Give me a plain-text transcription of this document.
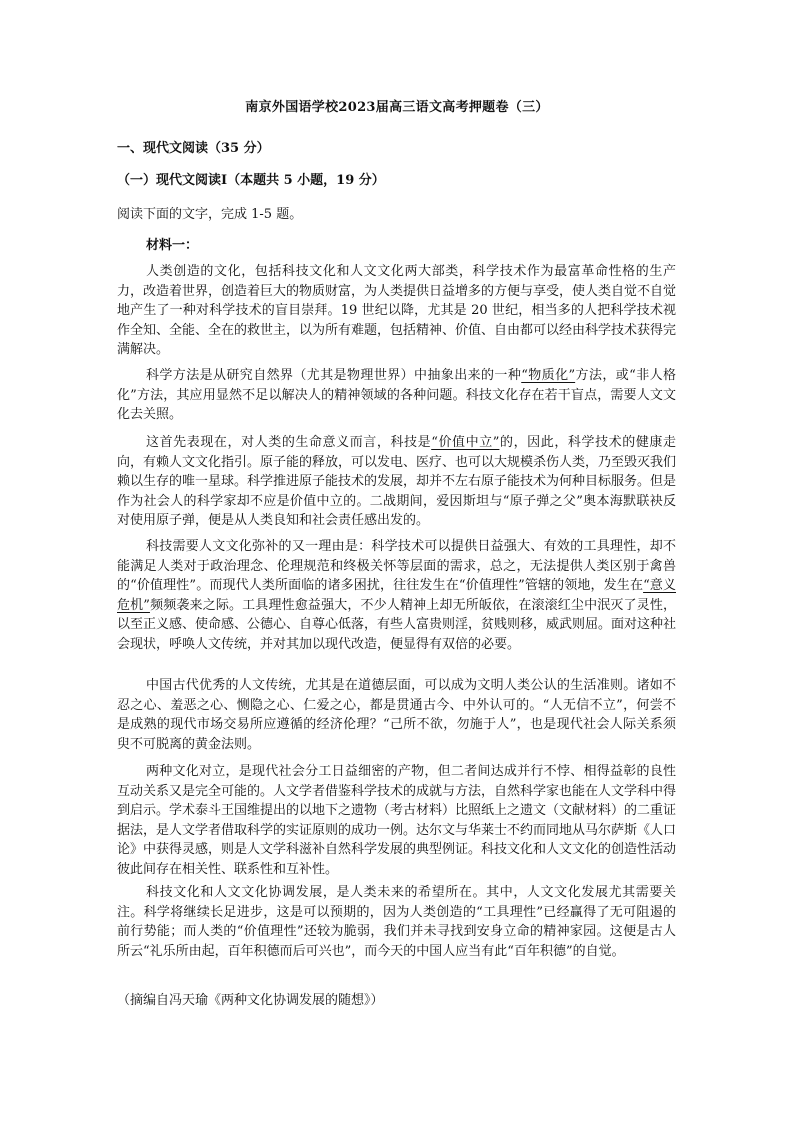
南京外国语学校2023届高三语文高考押题卷（三）
一、现代文阅读（35 分）
（一）现代文阅读Ⅰ（本题共 5 小题，19 分）
阅读下面的文字，完成 1-5 题。
材料一：

人类创造的文化，包括科技文化和人文文化两大部类，科学技术作为最富革命性格的生产力，改造着世界，创造着巨大的物质财富，为人类提供日益增多的方便与享受，使人类自觉不自觉地产生了一种对科学技术的盲目崇拜。19 世纪以降，尤其是 20 世纪，相当多的人把科学技术视作全知、全能、全在的救世主，以为所有难题，包括精神、价值、自由都可以经由科学技术获得完满解决。

科学方法是从研究自然界（尤其是物理世界）中抽象出来的一种“物质化”方法，或“非人格化”方法，其应用显然不足以解决人的精神领域的各种问题。科技文化存在若干盲点，需要人文文化去关照。

这首先表现在，对人类的生命意义而言，科技是“价值中立”的，因此，科学技术的健康走向，有赖人文文化指引。原子能的释放，可以发电、医疗、也可以大规模杀伤人类，乃至毁灭我们赖以生存的唯一星球。科学推进原子能技术的发展，却并不左右原子能技术为何种目标服务。但是作为社会人的科学家却不应是价值中立的。二战期间，爱因斯坦与“原子弹之父”奥本海默联袂反对使用原子弹，便是从人类良知和社会责任感出发的。

科技需要人文文化弥补的又一理由是：科学技术可以提供日益强大、有效的工具理性，却不能满足人类对于政治理念、伦理规范和终极关怀等层面的需求，总之，无法提供人类区别于禽兽的“价值理性”。而现代人类所面临的诸多困扰，往往发生在“价值理性”管辖的领地，发生在“意义危机”频频袭来之际。工具理性愈益强大，不少人精神上却无所皈依，在滚滚红尘中泯灭了灵性，以至正义感、使命感、公德心、自尊心低落，有些人富贵则淫，贫贱则移，威武则屈。面对这种社会现状，呼唤人文传统，并对其加以现代改造，便显得有双倍的必要。

中国古代优秀的人文传统，尤其是在道德层面，可以成为文明人类公认的生活准则。诸如不忍之心、羞恶之心、恻隐之心、仁爱之心，都是贯通古今、中外认可的。“人无信不立”，何尝不是成熟的现代市场交易所应遵循的经济伦理？“己所不欲，勿施于人”，也是现代社会人际关系须臾不可脱离的黄金法则。

两种文化对立，是现代社会分工日益细密的产物，但二者间达成并行不悖、相得益彰的良性互动关系又是完全可能的。人文学者借鉴科学技术的成就与方法，自然科学家也能在人文学科中得到启示。学术泰斗王国维提出的以地下之遗物（考古材料）比照纸上之遗文（文献材料）的二重证据法，是人文学者借取科学的实证原则的成功一例。达尔文与华莱士不约而同地从马尔萨斯《人口论》中获得灵感，则是人文学科滋补自然科学发展的典型例证。科技文化和人文文化的创造性活动彼此间存在相关性、联系性和互补性。

科技文化和人文文化协调发展，是人类未来的希望所在。其中，人文文化发展尤其需要关注。科学将继续长足进步，这是可以预期的，因为人类创造的“工具理性”已经赢得了无可阻遏的前行势能；而人类的“价值理性”还较为脆弱，我们并未寻找到安身立命的精神家园。这便是古人所云“礼乐所由起，百年积德而后可兴也”，而今天的中国人应当有此“百年积德”的自觉。

（摘编自冯天瑜《两种文化协调发展的随想》）
